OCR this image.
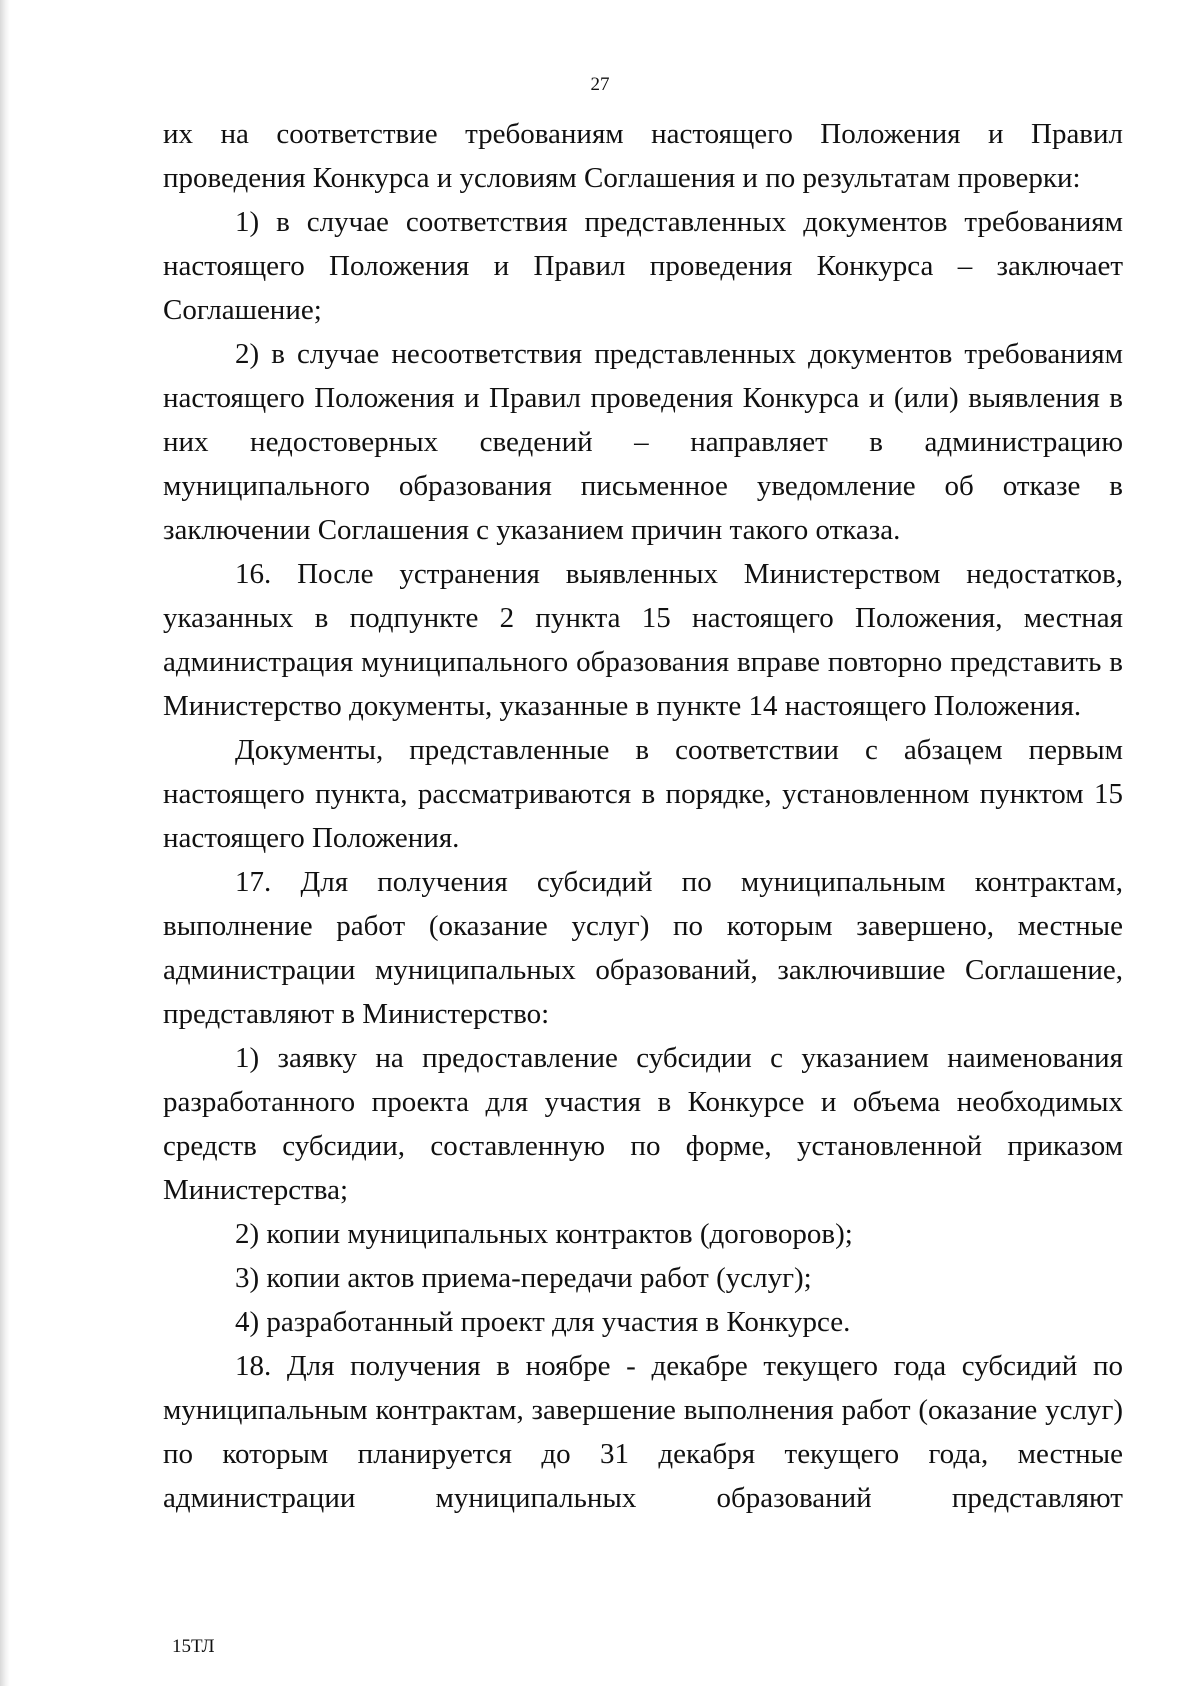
27

их на соответствие требованиям настоящего Положения и Правил проведения Конкурса и условиям Соглашения и по результатам проверки:

1) в случае соответствия представленных документов требованиям настоящего Положения и Правил проведения Конкурса – заключает Соглашение;

2) в случае несоответствия представленных документов требованиям настоящего Положения и Правил проведения Конкурса и (или) выявления в них недостоверных сведений – направляет в администрацию муниципального образования письменное уведомление об отказе в заключении Соглашения с указанием причин такого отказа.

16. После устранения выявленных Министерством недостатков, указанных в подпункте 2 пункта 15 настоящего Положения, местная администрация муниципального образования вправе повторно представить в Министерство документы, указанные в пункте 14 настоящего Положения.

Документы, представленные в соответствии с абзацем первым настоящего пункта, рассматриваются в порядке, установленном пунктом 15 настоящего Положения.

17. Для получения субсидий по муниципальным контрактам, выполнение работ (оказание услуг) по которым завершено, местные администрации муниципальных образований, заключившие Соглашение, представляют в Министерство:

1) заявку на предоставление субсидии с указанием наименования разработанного проекта для участия в Конкурсе и объема необходимых средств субсидии, составленную по форме, установленной приказом Министерства;

2) копии муниципальных контрактов (договоров);

3) копии актов приема-передачи работ (услуг);

4) разработанный проект для участия в Конкурсе.

18. Для получения в ноябре - декабре текущего года субсидий по муниципальным контрактам, завершение выполнения работ (оказание услуг) по которым планируется до 31 декабря текущего года, местные администрации муниципальных образований представляют

15ТЛ
